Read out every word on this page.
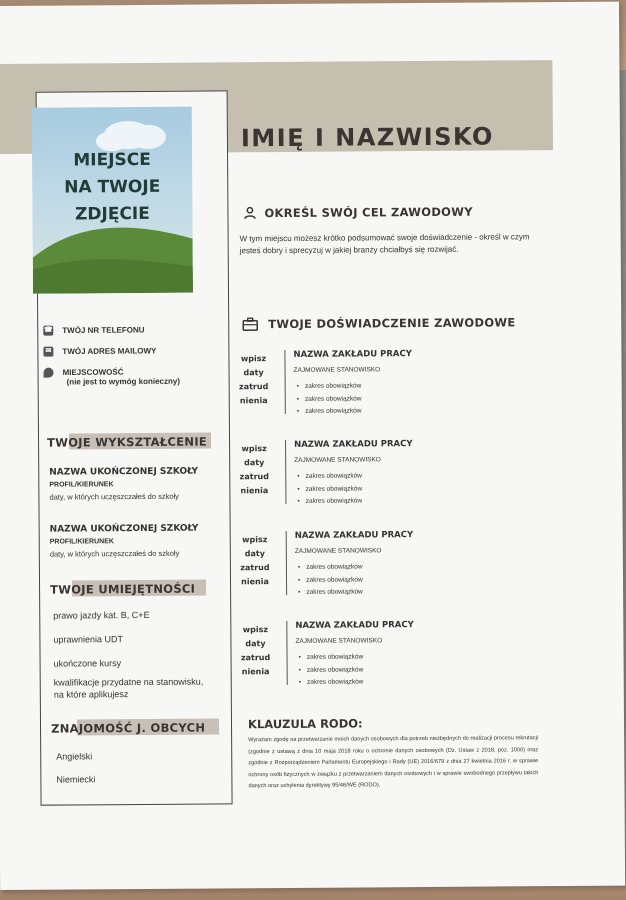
IMIĘ I NAZWISKO
MIEJSCE
NA TWOJE
ZDJĘCIE
☎ TWÓJ NR TELEFONU
✉ TWÓJ ADRES MAILOWY
MIEJSCOWOŚĆ
(nie jest to wymóg konieczny)
TWOJE WYKSZTAŁCENIE
NAZWA UKOŃCZONEJ SZKOŁY
PROFIL/KIERUNEK
daty, w których uczęszczałeś do szkoły
NAZWA UKOŃCZONEJ SZKOŁY
PROFIL/KIERUNEK
daty, w których uczęszczałeś do szkoły
TWOJE UMIEJĘTNOŚCI
prawo jazdy kat. B, C+E
uprawnienia UDT
ukończone kursy
kwalifikacje przydatne na stanowisku, na które aplikujesz
ZNAJOMOŚĆ J. OBCYCH
Angielski
Niemiecki
OKREŚL SWÓJ CEL ZAWODOWY
W tym miejscu możesz krótko podsumować swoje doświadczenie - określ w czym jesteś dobry i sprecyzuj w jakiej branży chciałbyś się rozwijać.
TWOJE DOŚWIADCZENIE ZAWODOWE
wpisz
daty
zatrud
nienia
NAZWA ZAKŁADU PRACY
ZAJMOWANE STANOWISKO
• zakres obowiązków
• zakres obowiązków
• zakres obowiązków
wpisz
daty
zatrud
nienia
NAZWA ZAKŁADU PRACY
ZAJMOWANE STANOWISKO
• zakres obowiązków
• zakres obowiązków
• zakres obowiązków
wpisz
daty
zatrud
nienia
NAZWA ZAKŁADU PRACY
ZAJMOWANE STANOWISKO
• zakres obowiązków
• zakres obowiązków
• zakres obowiązków
wpisz
daty
zatrud
nienia
NAZWA ZAKŁADU PRACY
ZAJMOWANE STANOWISKO
• zakres obowiązków
• zakres obowiązków
• zakres obowiązków
KLAUZULA RODO:
Wyrażam zgodę na przetwarzanie moich danych osobowych dla potrzeb niezbędnych do realizacji procesu rekrutacji (zgodnie z ustawą z dnia 10 maja 2018 roku o ochronie danych osobowych (Dz. Ustaw z 2018, poz. 1000) oraz zgodnie z Rozporządzeniem Parlamentu Europejskiego i Rady (UE) 2016/679 z dnia 27 kwietnia 2016 r. w sprawie ochrony osób fizycznych w związku z przetwarzaniem danych osobowych i w sprawie swobodnego przepływu takich danych oraz uchylenia dyrektywy 95/46/WE (RODO).
